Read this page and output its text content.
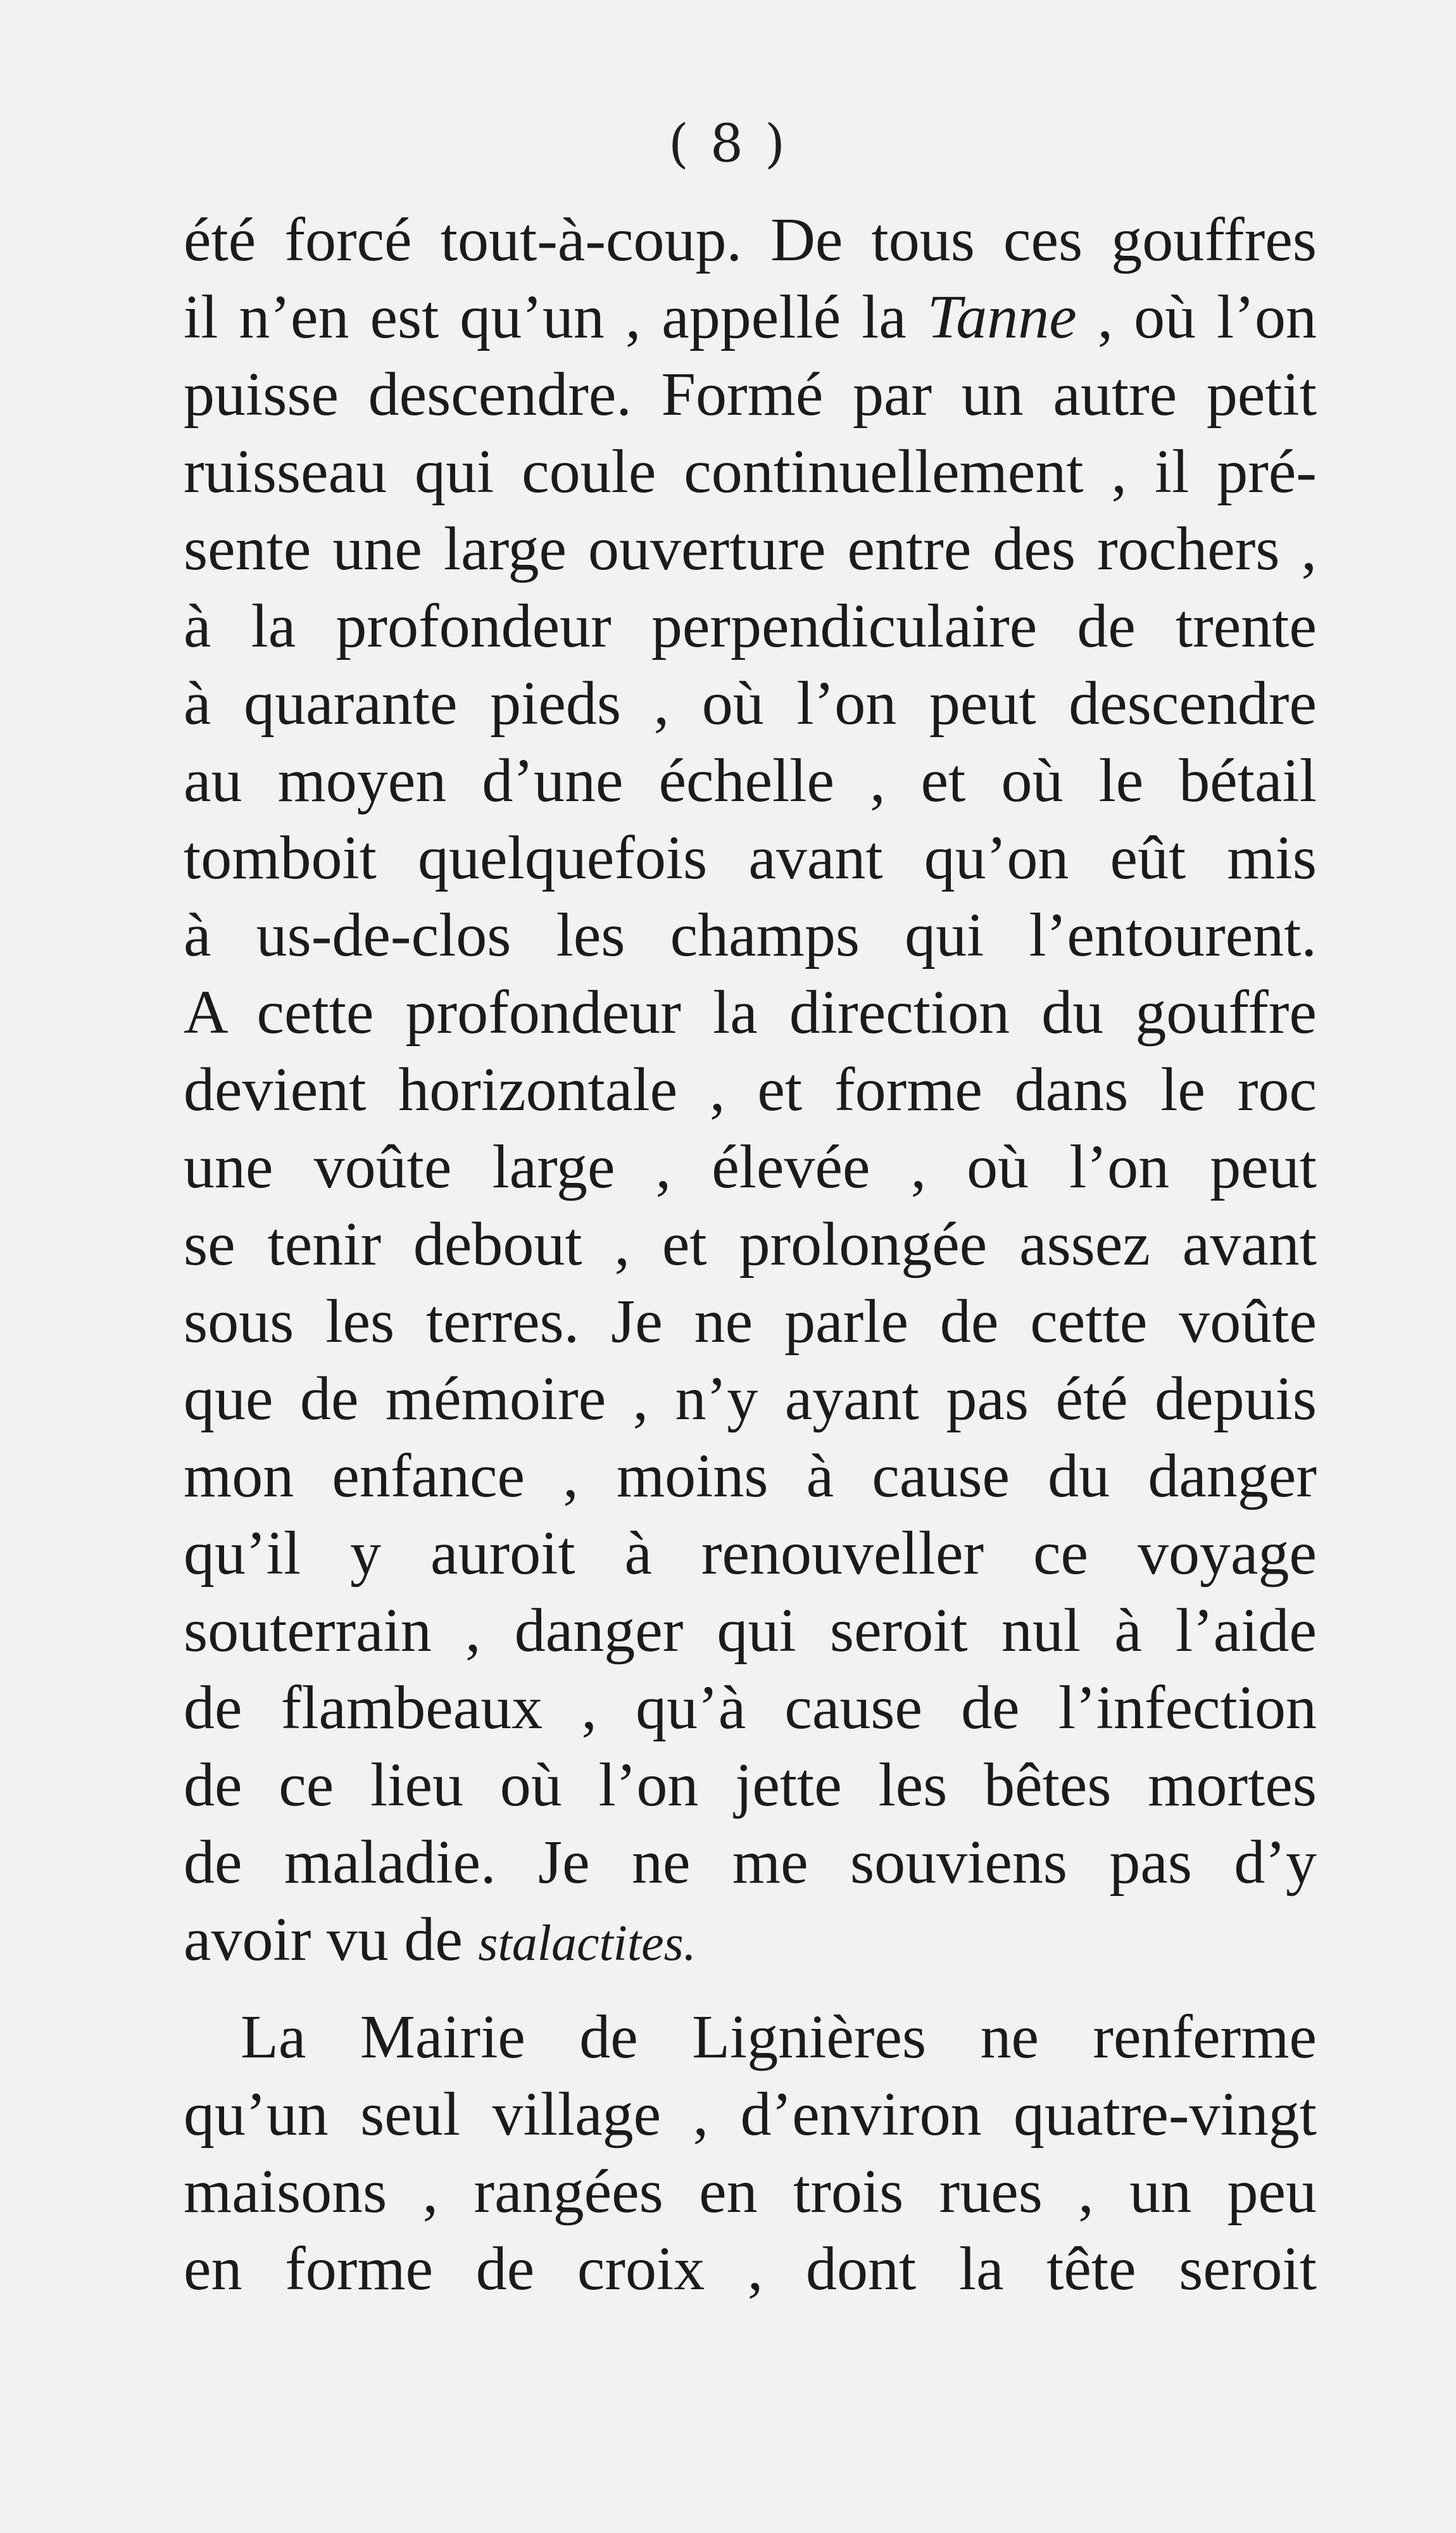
( 8 )
été forcé tout-à-coup. De tous ces gouffres
il n’en est qu’un , appellé la Tanne , où l’on
puisse descendre. Formé par un autre petit
ruisseau qui coule continuellement , il pré-
sente une large ouverture entre des rochers ,
à la profondeur perpendiculaire de trente
à quarante pieds , où l’on peut descendre
au moyen d’une échelle , et où le bétail
tomboit quelquefois avant qu’on eût mis
à us-de-clos les champs qui l’entourent.
A cette profondeur la direction du gouffre
devient horizontale , et forme dans le roc
une voûte large , élevée , où l’on peut
se tenir debout , et prolongée assez avant
sous les terres. Je ne parle de cette voûte
que de mémoire , n’y ayant pas été depuis
mon enfance , moins à cause du danger
qu’il y auroit à renouveller ce voyage
souterrain , danger qui seroit nul à l’aide
de flambeaux , qu’à cause de l’infection
de ce lieu où l’on jette les bêtes mortes
de maladie. Je ne me souviens pas d’y
avoir vu de stalactites.
La Mairie de Lignières ne renferme
qu’un seul village , d’environ quatre-vingt
maisons , rangées en trois rues , un peu
en forme de croix , dont la tête seroit
